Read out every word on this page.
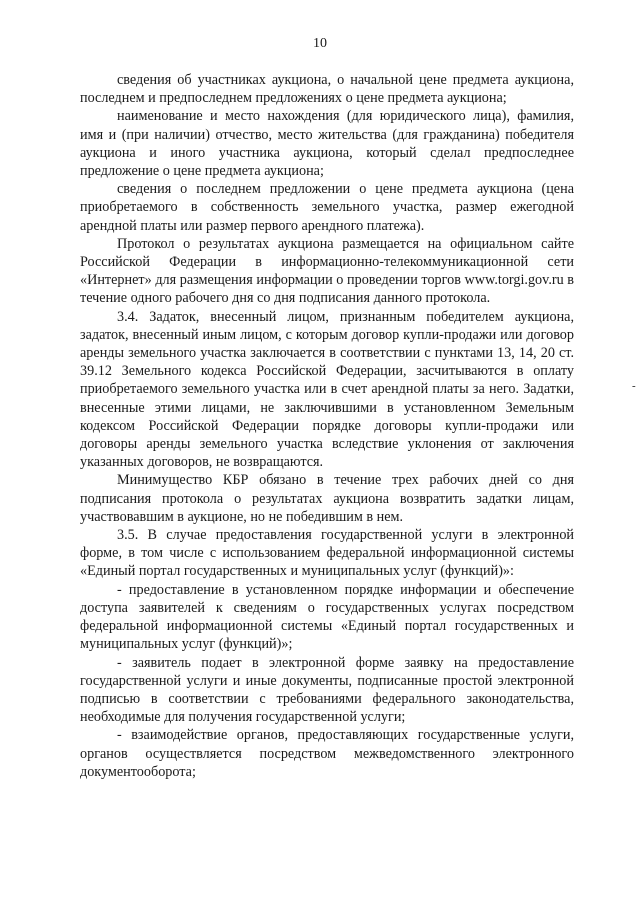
10

сведения об участниках аукциона, о начальной цене предмета аукциона, последнем и предпоследнем предложениях о цене предмета аукциона;

наименование и место нахождения (для юридического лица), фамилия, имя и (при наличии) отчество, место жительства (для гражданина) победителя аукциона и иного участника аукциона, который сделал предпоследнее предложение о цене предмета аукциона;

сведения о последнем предложении о цене предмета аукциона (цена приобретаемого в собственность земельного участка, размер ежегодной арендной платы или размер первого арендного платежа).

Протокол о результатах аукциона размещается на официальном сайте Российской Федерации в информационно-телекоммуникационной сети «Интернет» для размещения информации о проведении торгов www.torgi.gov.ru в течение одного рабочего дня со дня подписания данного протокола.

3.4. Задаток, внесенный лицом, признанным победителем аукциона, задаток, внесенный иным лицом, с которым договор купли-продажи или договор аренды земельного участка заключается в соответствии с пунктами 13, 14, 20 ст. 39.12 Земельного кодекса Российской Федерации, засчитываются в оплату приобретаемого земельного участка или в счет арендной платы за него. Задатки, внесенные этими лицами, не заключившими в установленном Земельным кодексом Российской Федерации порядке договоры купли-продажи или договоры аренды земельного участка вследствие уклонения от заключения указанных договоров, не возвращаются.

Минимущество КБР обязано в течение трех рабочих дней со дня подписания протокола о результатах аукциона возвратить задатки лицам, участвовавшим в аукционе, но не победившим в нем.

3.5. В случае предоставления государственной услуги в электронной форме, в том числе с использованием федеральной информационной системы «Единый портал государственных и муниципальных услуг (функций)»:

- предоставление в установленном порядке информации и обеспечение доступа заявителей к сведениям о государственных услугах посредством федеральной информационной системы «Единый портал государственных и муниципальных услуг (функций)»;

- заявитель подает в электронной форме заявку на предоставление государственной услуги и иные документы, подписанные простой электронной подписью в соответствии с требованиями федерального законодательства, необходимые для получения государственной услуги;

- взаимодействие органов, предоставляющих государственные услуги, органов осуществляется посредством межведомственного электронного документооборота;

-
